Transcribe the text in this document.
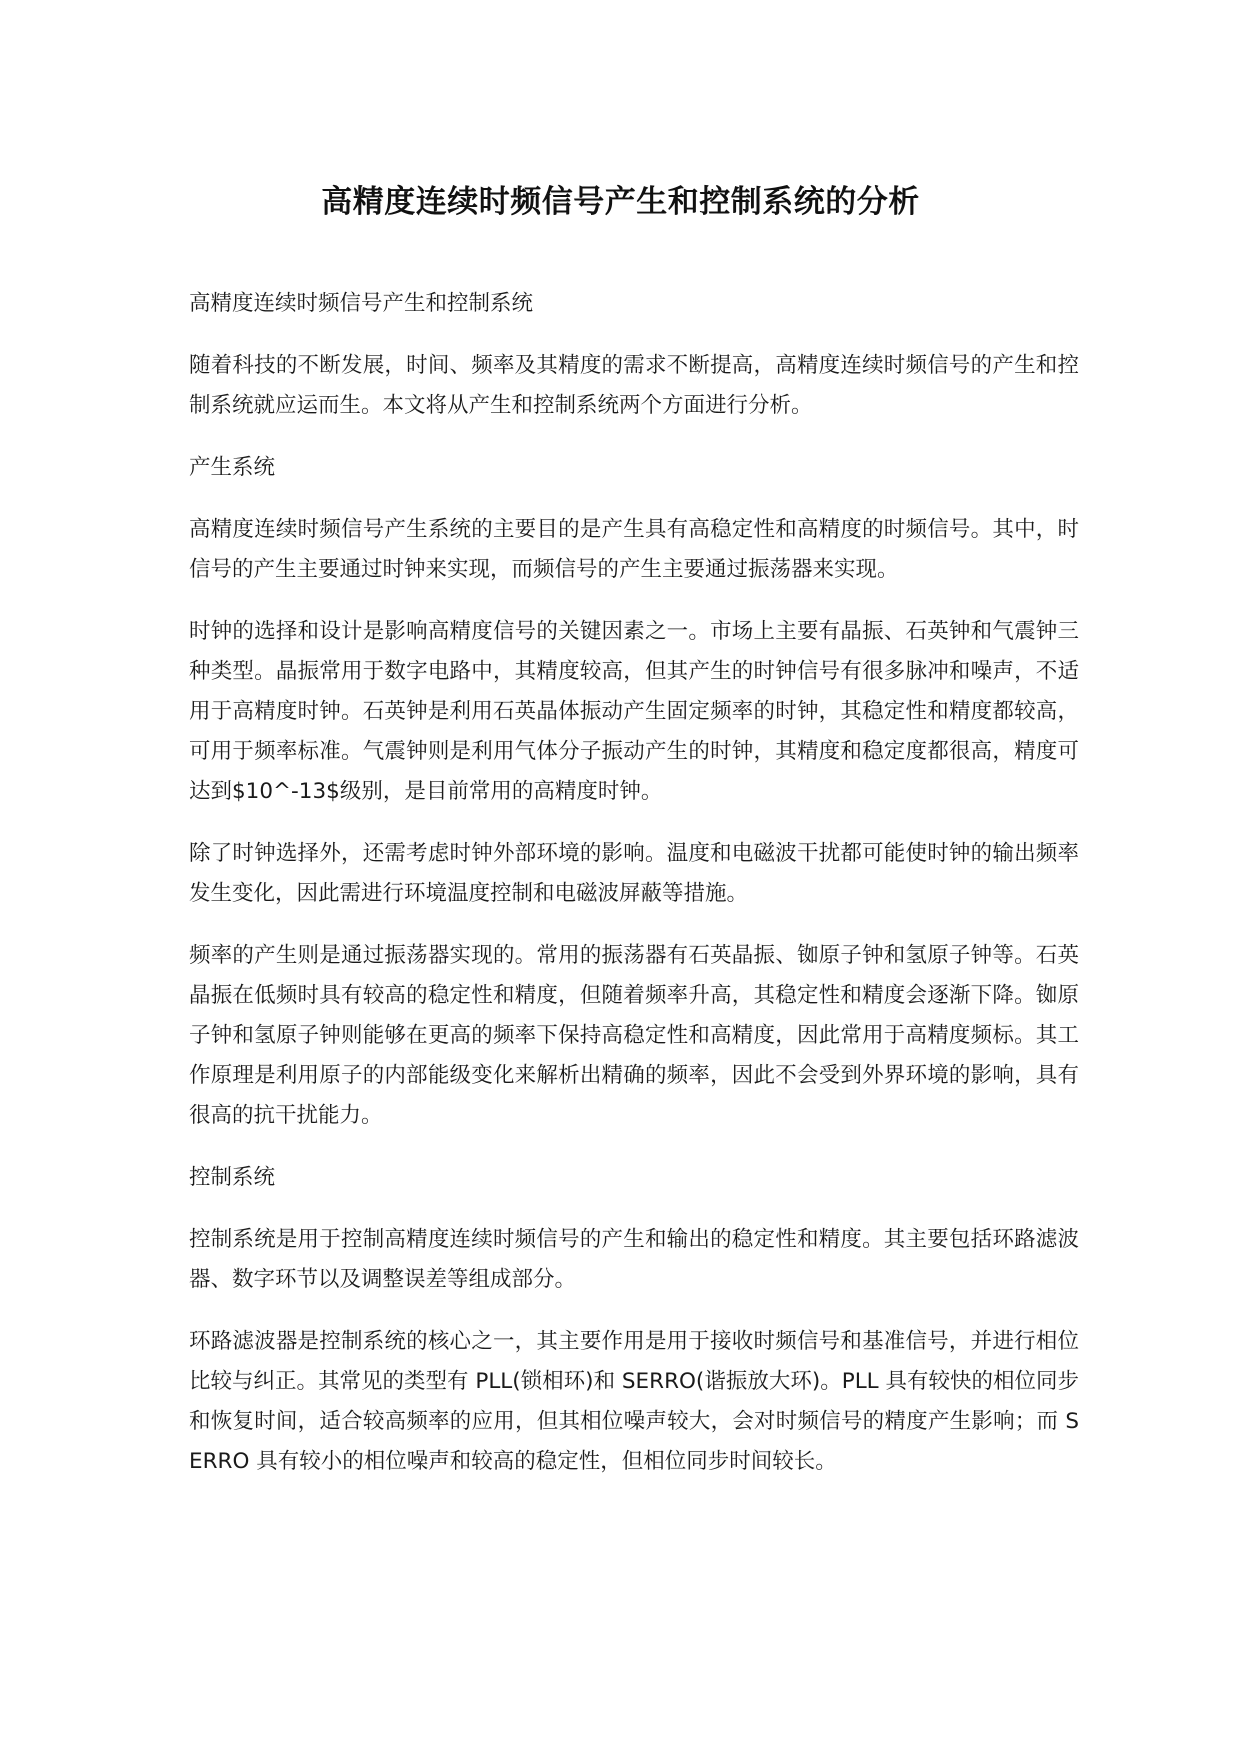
高精度连续时频信号产生和控制系统的分析

高精度连续时频信号产生和控制系统

随着科技的不断发展，时间、频率及其精度的需求不断提高，高精度连续时频信号的产生和控制系统就应运而生。本文将从产生和控制系统两个方面进行分析。

产生系统

高精度连续时频信号产生系统的主要目的是产生具有高稳定性和高精度的时频信号。其中，时信号的产生主要通过时钟来实现，而频信号的产生主要通过振荡器来实现。

时钟的选择和设计是影响高精度信号的关键因素之一。市场上主要有晶振、石英钟和气震钟三种类型。晶振常用于数字电路中，其精度较高，但其产生的时钟信号有很多脉冲和噪声，不适用于高精度时钟。石英钟是利用石英晶体振动产生固定频率的时钟，其稳定性和精度都较高，可用于频率标准。气震钟则是利用气体分子振动产生的时钟，其精度和稳定度都很高，精度可达到$10^-13$级别，是目前常用的高精度时钟。

除了时钟选择外，还需考虑时钟外部环境的影响。温度和电磁波干扰都可能使时钟的输出频率发生变化，因此需进行环境温度控制和电磁波屏蔽等措施。

频率的产生则是通过振荡器实现的。常用的振荡器有石英晶振、铷原子钟和氢原子钟等。石英晶振在低频时具有较高的稳定性和精度，但随着频率升高，其稳定性和精度会逐渐下降。铷原子钟和氢原子钟则能够在更高的频率下保持高稳定性和高精度，因此常用于高精度频标。其工作原理是利用原子的内部能级变化来解析出精确的频率，因此不会受到外界环境的影响，具有很高的抗干扰能力。

控制系统

控制系统是用于控制高精度连续时频信号的产生和输出的稳定性和精度。其主要包括环路滤波器、数字环节以及调整误差等组成部分。

环路滤波器是控制系统的核心之一，其主要作用是用于接收时频信号和基准信号，并进行相位比较与纠正。其常见的类型有 PLL(锁相环)和 SERRO(谐振放大环)。PLL 具有较快的相位同步和恢复时间，适合较高频率的应用，但其相位噪声较大，会对时频信号的精度产生影响；而 SERRO 具有较小的相位噪声和较高的稳定性，但相位同步时间较长。
